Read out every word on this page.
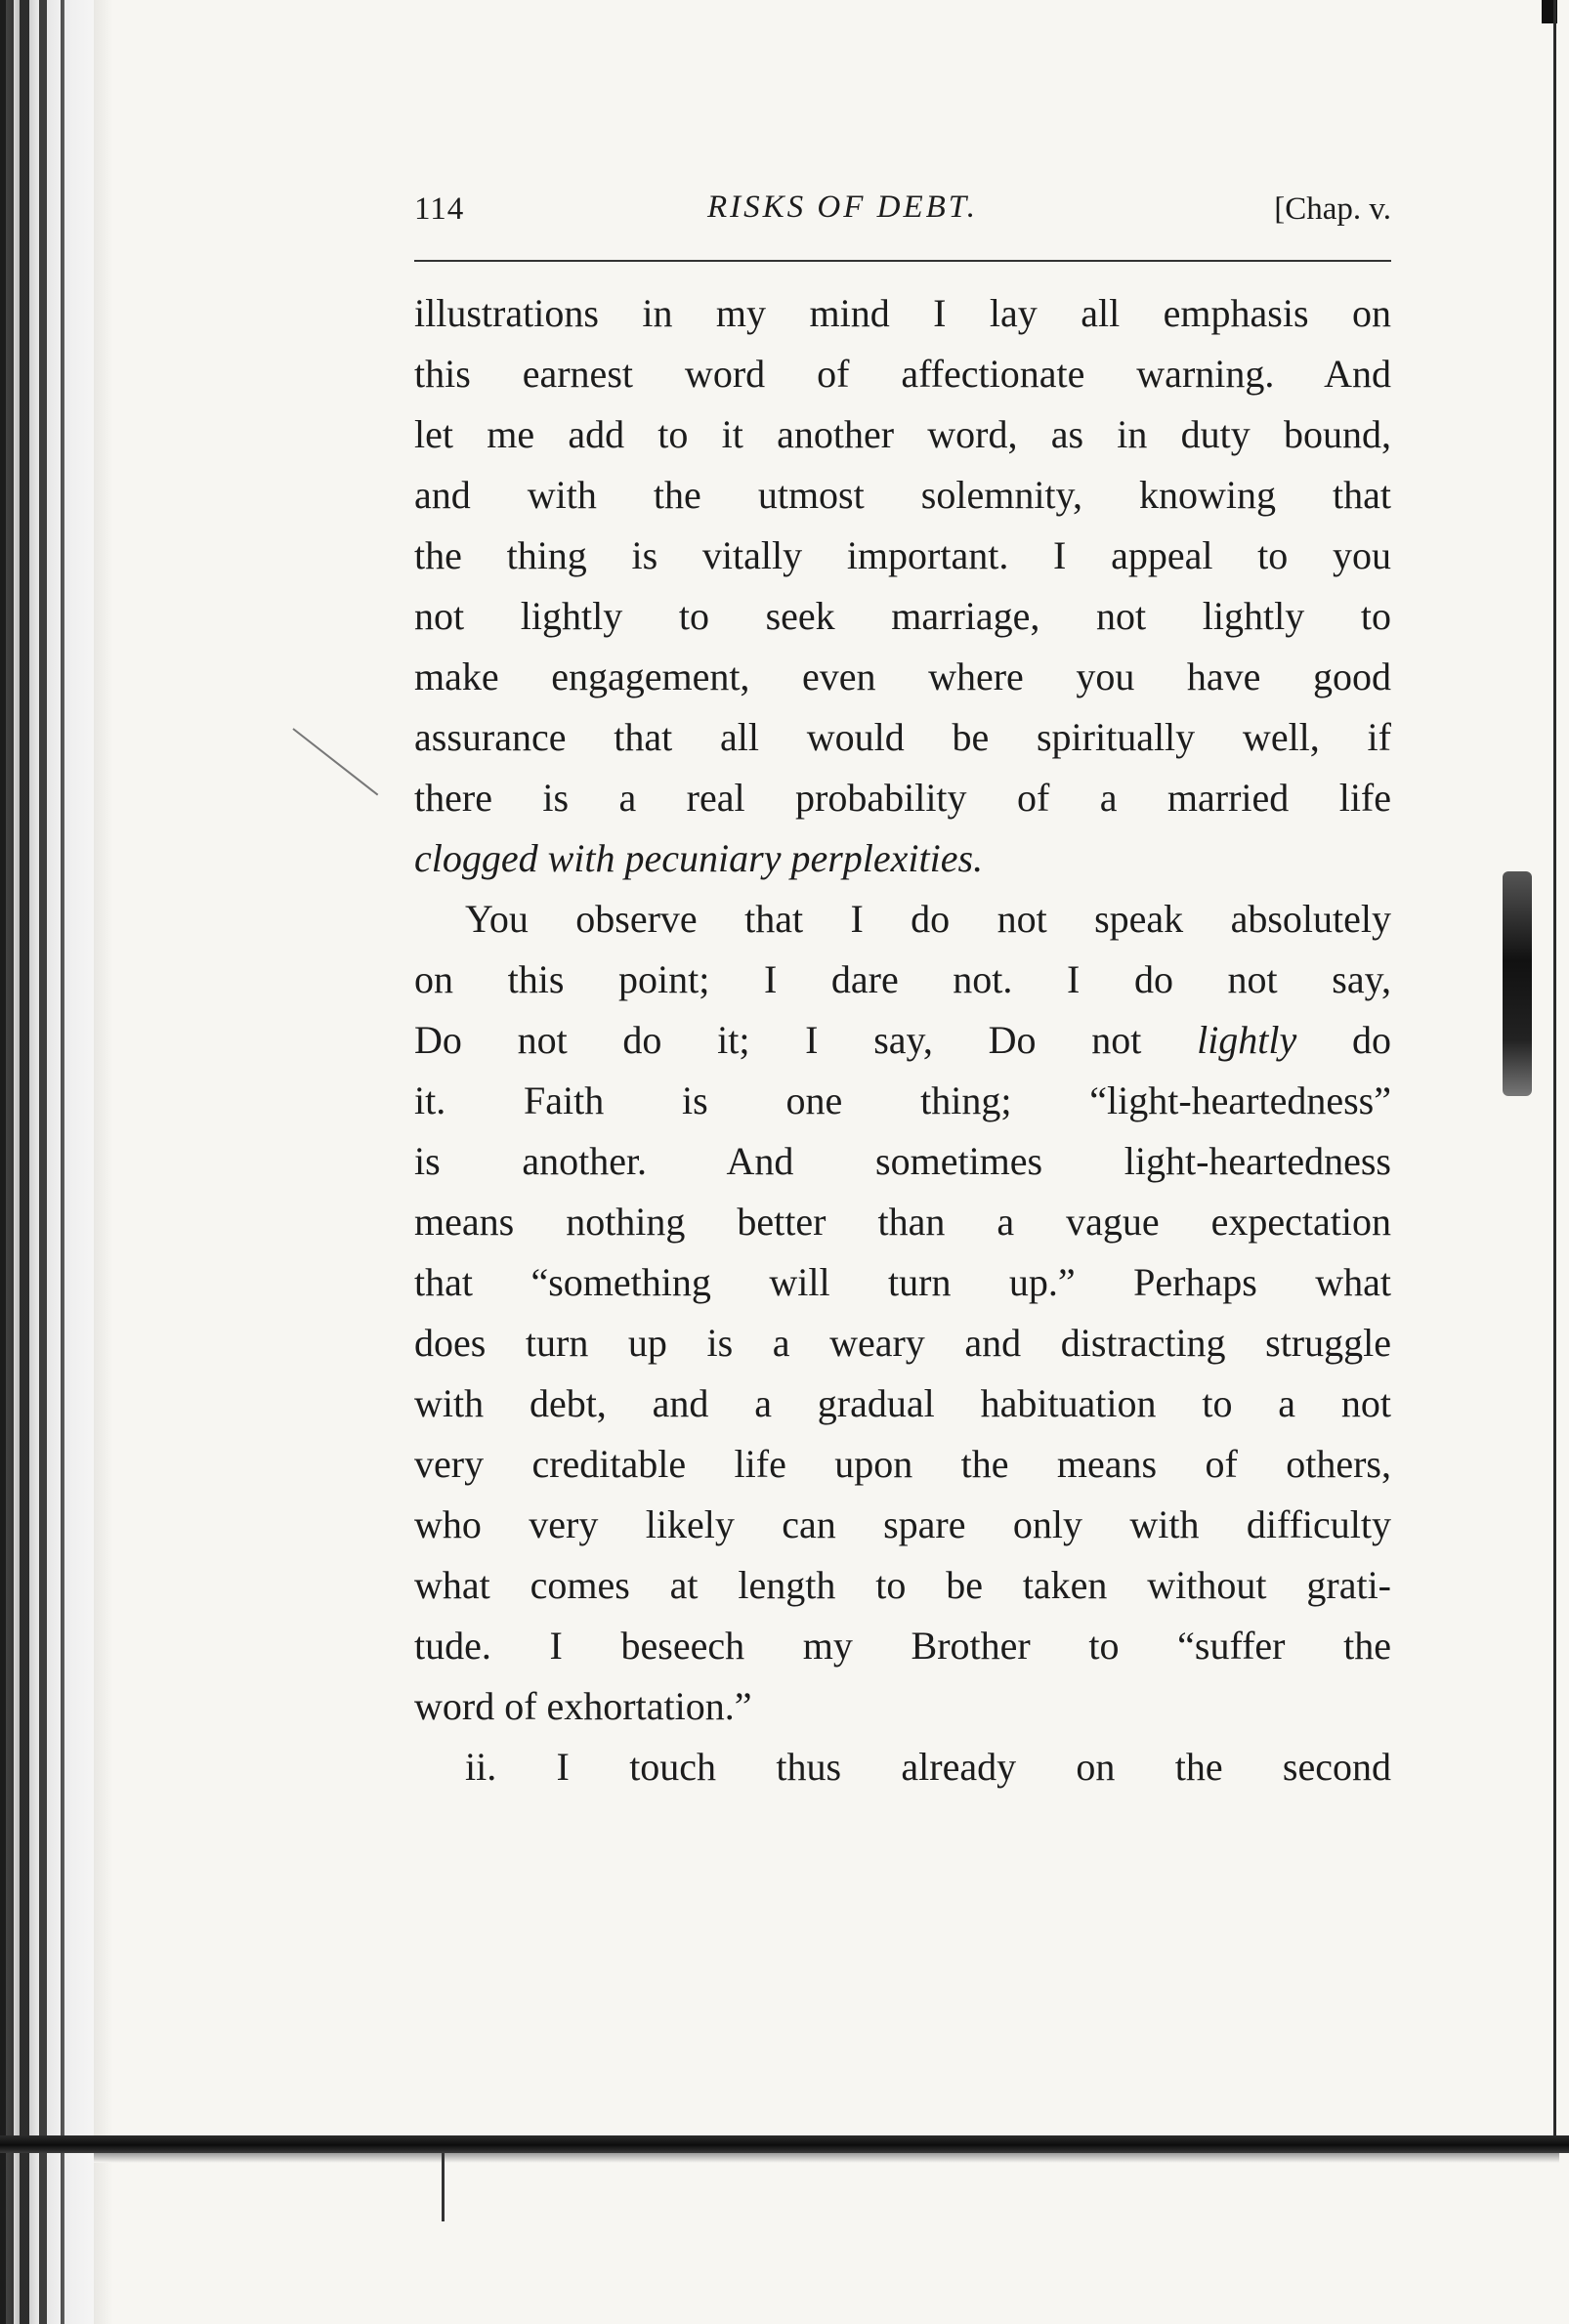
114	RISKS OF DEBT.	[Chap. v.
illustrations in my mind I lay all emphasis on
this earnest word of affectionate warning. And
let me add to it another word, as in duty bound,
and with the utmost solemnity, knowing that
the thing is vitally important. I appeal to you
not lightly to seek marriage, not lightly to
make engagement, even where you have good
assurance that all would be spiritually well, if
there is a real probability of a married life
clogged with pecuniary perplexities.
You observe that I do not speak absolutely
on this point; I dare not. I do not say,
Do not do it; I say, Do not lightly do
it. Faith is one thing; “light-heartedness”
is another. And sometimes light-heartedness
means nothing better than a vague expectation
that “something will turn up.” Perhaps what
does turn up is a weary and distracting struggle
with debt, and a gradual habituation to a not
very creditable life upon the means of others,
who very likely can spare only with difficulty
what comes at length to be taken without grati-
tude. I beseech my Brother to “suffer the
word of exhortation.”
ii. I touch thus already on the second
